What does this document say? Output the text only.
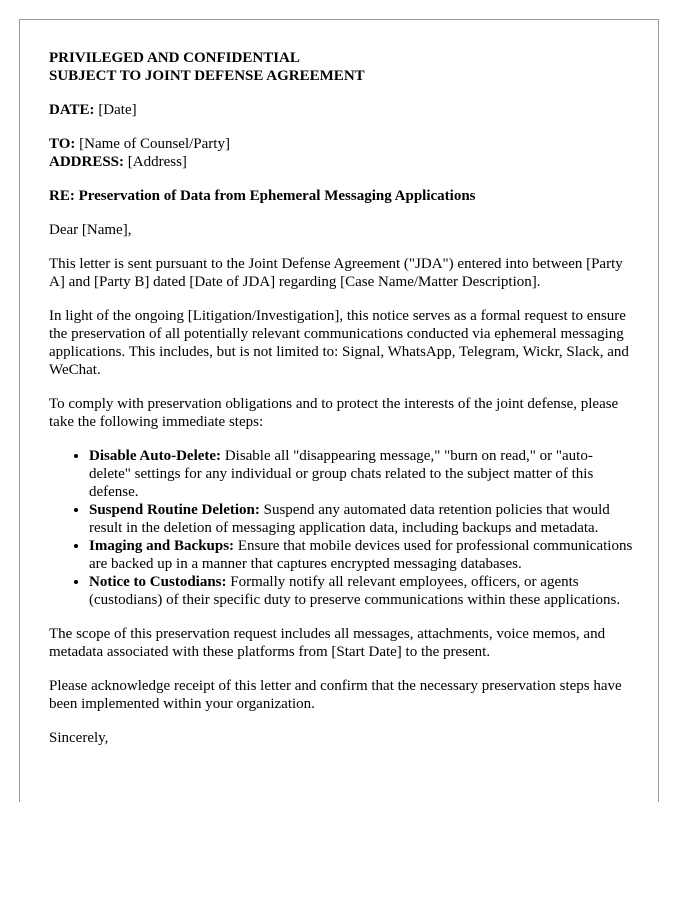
PRIVILEGED AND CONFIDENTIAL
SUBJECT TO JOINT DEFENSE AGREEMENT
DATE: [Date]
TO: [Name of Counsel/Party]
ADDRESS: [Address]
RE: Preservation of Data from Ephemeral Messaging Applications
Dear [Name],
This letter is sent pursuant to the Joint Defense Agreement ("JDA") entered into between [Party A] and [Party B] dated [Date of JDA] regarding [Case Name/Matter Description].
In light of the ongoing [Litigation/Investigation], this notice serves as a formal request to ensure the preservation of all potentially relevant communications conducted via ephemeral messaging applications. This includes, but is not limited to: Signal, WhatsApp, Telegram, Wickr, Slack, and WeChat.
To comply with preservation obligations and to protect the interests of the joint defense, please take the following immediate steps:
• Disable Auto-Delete: Disable all "disappearing message," "burn on read," or "auto-delete" settings for any individual or group chats related to the subject matter of this defense.
• Suspend Routine Deletion: Suspend any automated data retention policies that would result in the deletion of messaging application data, including backups and metadata.
• Imaging and Backups: Ensure that mobile devices used for professional communications are backed up in a manner that captures encrypted messaging databases.
• Notice to Custodians: Formally notify all relevant employees, officers, or agents (custodians) of their specific duty to preserve communications within these applications.
The scope of this preservation request includes all messages, attachments, voice memos, and metadata associated with these platforms from [Start Date] to the present.
Please acknowledge receipt of this letter and confirm that the necessary preservation steps have been implemented within your organization.
Sincerely,
